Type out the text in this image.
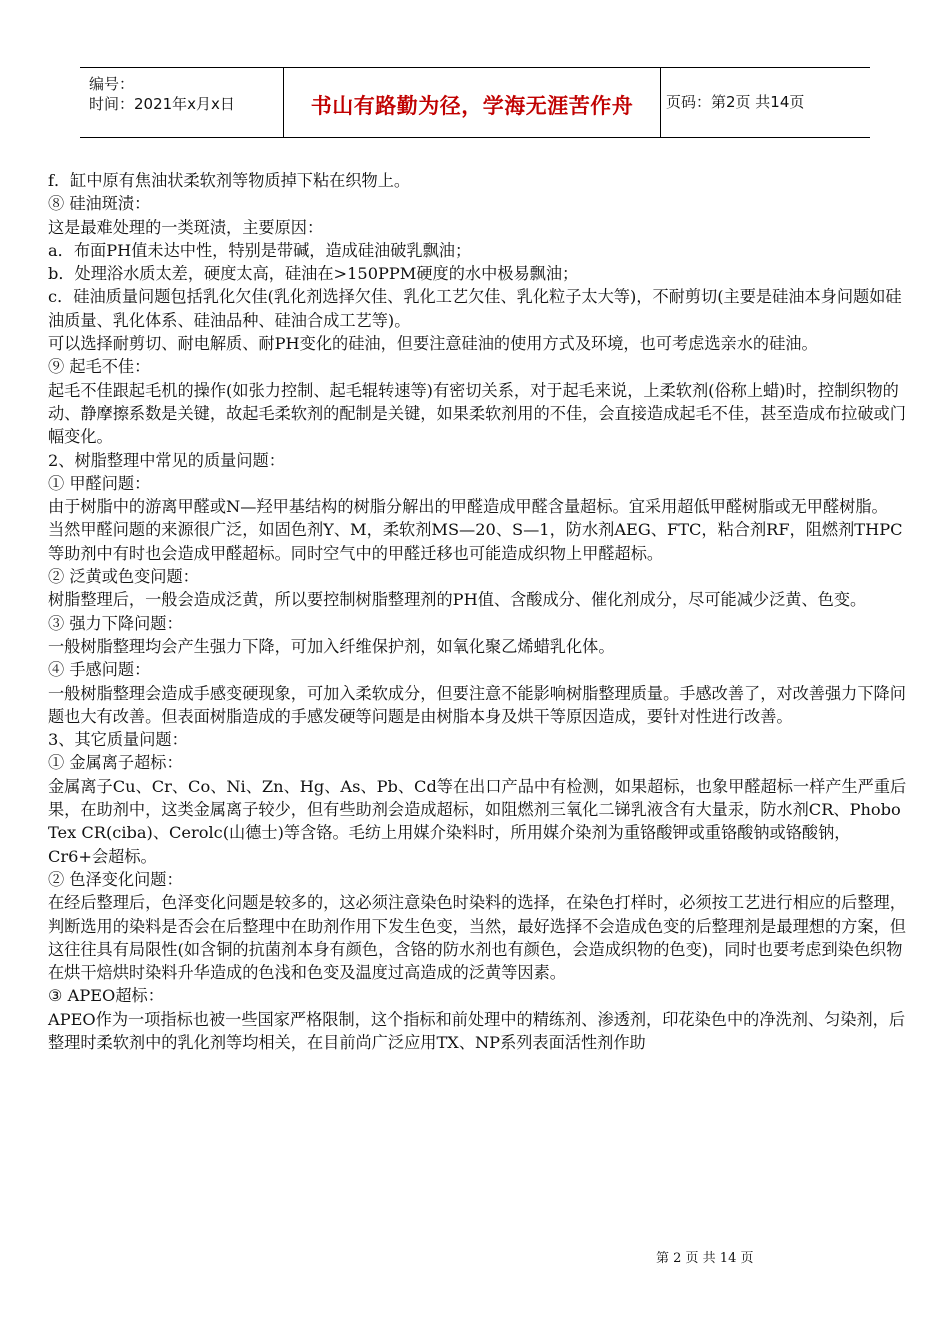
编号：
时间：2021年x月x日	书山有路勤为径，学海无涯苦作舟	页码：第2页 共14页

f．缸中原有焦油状柔软剂等物质掉下粘在织物上。

⑧ 硅油斑渍：

这是最难处理的一类斑渍，主要原因：

a．布面PH值未达中性，特别是带碱，造成硅油破乳飘油；

b．处理浴水质太差，硬度太高，硅油在>150PPM硬度的水中极易飘油；

c．硅油质量问题包括乳化欠佳(乳化剂选择欠佳、乳化工艺欠佳、乳化粒子太大等)，不耐剪切(主要是硅油本身问题如硅油质量、乳化体系、硅油品种、硅油合成工艺等)。

可以选择耐剪切、耐电解质、耐PH变化的硅油，但要注意硅油的使用方式及环境，也可考虑选亲水的硅油。

⑨ 起毛不佳：

起毛不佳跟起毛机的操作(如张力控制、起毛辊转速等)有密切关系，对于起毛来说，上柔软剂(俗称上蜡)时，控制织物的动、静摩擦系数是关键，故起毛柔软剂的配制是关键，如果柔软剂用的不佳，会直接造成起毛不佳，甚至造成布拉破或门幅变化。

2、树脂整理中常见的质量问题：

① 甲醛问题：

由于树脂中的游离甲醛或N—羟甲基结构的树脂分解出的甲醛造成甲醛含量超标。宜采用超低甲醛树脂或无甲醛树脂。

当然甲醛问题的来源很广泛，如固色剂Y、M，柔软剂MS—20、S—1，防水剂AEG、FTC，粘合剂RF，阻燃剂THPC等助剂中有时也会造成甲醛超标。同时空气中的甲醛迁移也可能造成织物上甲醛超标。

② 泛黄或色变问题：

树脂整理后，一般会造成泛黄，所以要控制树脂整理剂的PH值、含酸成分、催化剂成分，尽可能减少泛黄、色变。

③ 强力下降问题：

一般树脂整理均会产生强力下降，可加入纤维保护剂，如氧化聚乙烯蜡乳化体。

④ 手感问题：

一般树脂整理会造成手感变硬现象，可加入柔软成分，但要注意不能影响树脂整理质量。手感改善了，对改善强力下降问题也大有改善。但表面树脂造成的手感发硬等问题是由树脂本身及烘干等原因造成，要针对性进行改善。

3、其它质量问题：

① 金属离子超标：

金属离子Cu、Cr、Co、Ni、Zn、Hg、As、Pb、Cd等在出口产品中有检测，如果超标，也象甲醛超标一样产生严重后果，在助剂中，这类金属离子较少，但有些助剂会造成超标，如阻燃剂三氧化二锑乳液含有大量汞，防水剂CR、Phobo Tex CR(ciba)、Cerolc(山德士)等含铬。毛纺上用媒介染料时，所用媒介染剂为重铬酸钾或重铬酸钠或铬酸钠，Cr6+会超标。

② 色泽变化问题：

在经后整理后，色泽变化问题是较多的，这必须注意染色时染料的选择，在染色打样时，必须按工艺进行相应的后整理，判断选用的染料是否会在后整理中在助剂作用下发生色变，当然，最好选择不会造成色变的后整理剂是最理想的方案，但这往往具有局限性(如含铜的抗菌剂本身有颜色，含铬的防水剂也有颜色，会造成织物的色变)，同时也要考虑到染色织物在烘干焙烘时染料升华造成的色浅和色变及温度过高造成的泛黄等因素。

③ APEO超标：

APEO作为一项指标也被一些国家严格限制，这个指标和前处理中的精练剂、渗透剂，印花染色中的净洗剂、匀染剂，后整理时柔软剂中的乳化剂等均相关，在目前尚广泛应用TX、NP系列表面活性剂作助

第 2 页 共 14 页
